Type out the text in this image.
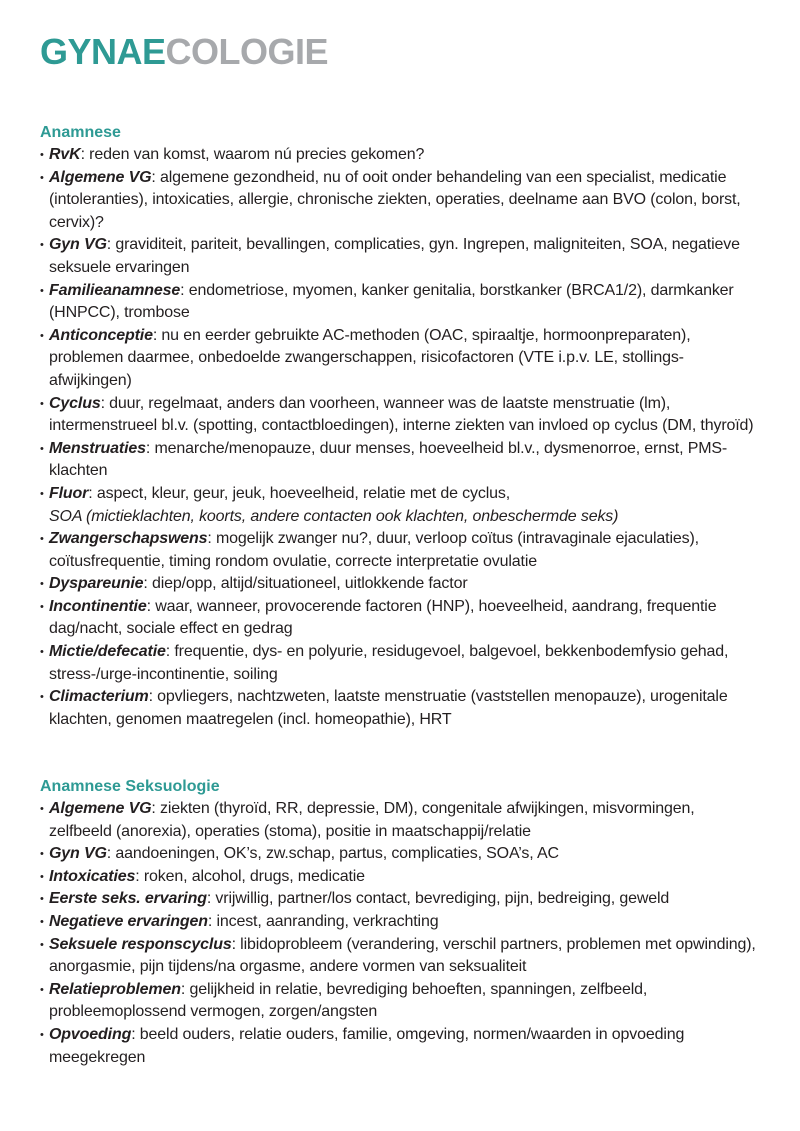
GYNAECOLOGIE
Anamnese
• RvK: reden van komst, waarom nú precies gekomen?
• Algemene VG: algemene gezondheid, nu of ooit onder behandeling van een specialist, medicatie (intoleranties), intoxicaties, allergie, chronische ziekten, operaties, deelname aan BVO (colon, borst, cervix)?
• Gyn VG: graviditeit, pariteit, bevallingen, complicaties, gyn. Ingrepen, maligniteiten, SOA, negatieve seksuele ervaringen
• Familieanamnese: endometriose, myomen, kanker genitalia, borstkanker (BRCA1/2), darmkanker (HNPCC), trombose
• Anticonceptie: nu en eerder gebruikte AC-methoden (OAC, spiraaltje, hormoonpreparaten), problemen daarmee, onbedoelde zwangerschappen, risicofactoren (VTE i.p.v. LE, stollings-afwijkingen)
• Cyclus: duur, regelmaat, anders dan voorheen, wanneer was de laatste menstruatie (lm), intermenstrueel bl.v. (spotting, contactbloedingen), interne ziekten van invloed op cyclus (DM, thyroïd)
• Menstruaties: menarche/menopauze, duur menses, hoeveelheid bl.v., dysmenorroe, ernst, PMS-klachten
• Fluor: aspect, kleur, geur, jeuk, hoeveelheid, relatie met de cyclus,
SOA (mictieklachten, koorts, andere contacten ook klachten, onbeschermde seks)
• Zwangerschapswens: mogelijk zwanger nu?, duur, verloop coïtus (intravaginale ejaculaties), coïtusfrequentie, timing rondom ovulatie, correcte interpretatie ovulatie
• Dyspareunie: diep/opp, altijd/situationeel, uitlokkende factor
• Incontinentie: waar, wanneer, provocerende factoren (HNP), hoeveelheid, aandrang, frequentie dag/nacht, sociale effect en gedrag
• Mictie/defecatie: frequentie, dys- en polyurie, residugevoel, balgevoel, bekkenbodemfysio gehad, stress-/urge-incontinentie, soiling
• Climacterium: opvliegers, nachtzweten, laatste menstruatie (vaststellen menopauze), urogenitale klachten, genomen maatregelen (incl. homeopathie), HRT
Anamnese Seksuologie
• Algemene VG: ziekten (thyroïd, RR, depressie, DM), congenitale afwijkingen, misvormingen, zelfbeeld (anorexia), operaties (stoma), positie in maatschappij/relatie
• Gyn VG: aandoeningen, OK’s, zw.schap, partus, complicaties, SOA’s, AC
• Intoxicaties: roken, alcohol, drugs, medicatie
• Eerste seks. ervaring: vrijwillig, partner/los contact, bevrediging, pijn, bedreiging, geweld
• Negatieve ervaringen: incest, aanranding, verkrachting
• Seksuele responscyclus: libidoprobleem (verandering, verschil partners, problemen met opwinding), anorgasmie, pijn tijdens/na orgasme, andere vormen van seksualiteit
• Relatieproblemen: gelijkheid in relatie, bevrediging behoeften, spanningen, zelfbeeld, probleemoplossend vermogen, zorgen/angsten
• Opvoeding: beeld ouders, relatie ouders, familie, omgeving, normen/waarden in opvoeding meegekregen
